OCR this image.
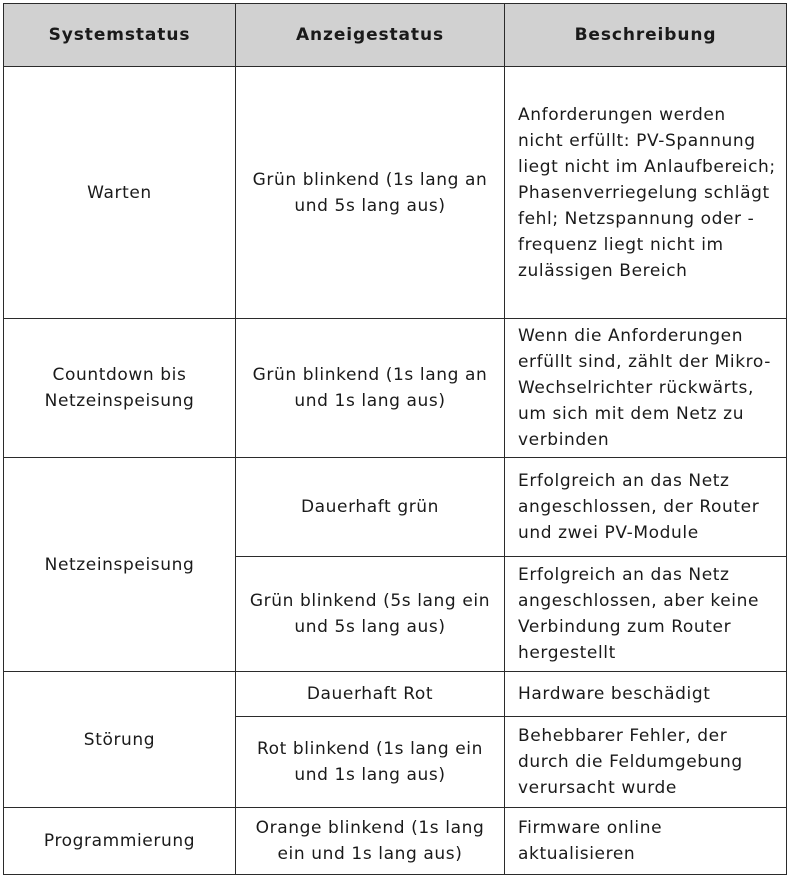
Systemstatus	Anzeigestatus	Beschreibung
Warten	Grün blinkend (1s lang an und 5s lang aus)	Anforderungen werden nicht erfüllt: PV-Spannung liegt nicht im Anlaufbereich; Phasenverriegelung schlägt fehl; Netzspannung oder -frequenz liegt nicht im zulässigen Bereich
Countdown bis Netzeinspeisung	Grün blinkend (1s lang an und 1s lang aus)	Wenn die Anforderungen erfüllt sind, zählt der Mikro-Wechselrichter rückwärts, um sich mit dem Netz zu verbinden
Netzeinspeisung	Dauerhaft grün	Erfolgreich an das Netz angeschlossen, der Router und zwei PV-Module
	Grün blinkend (5s lang ein und 5s lang aus)	Erfolgreich an das Netz angeschlossen, aber keine Verbindung zum Router hergestellt
Störung	Dauerhaft Rot	Hardware beschädigt
	Rot blinkend (1s lang ein und 1s lang aus)	Behebbarer Fehler, der durch die Feldumgebung verursacht wurde
Programmierung	Orange blinkend (1s lang ein und 1s lang aus)	Firmware online aktualisieren
